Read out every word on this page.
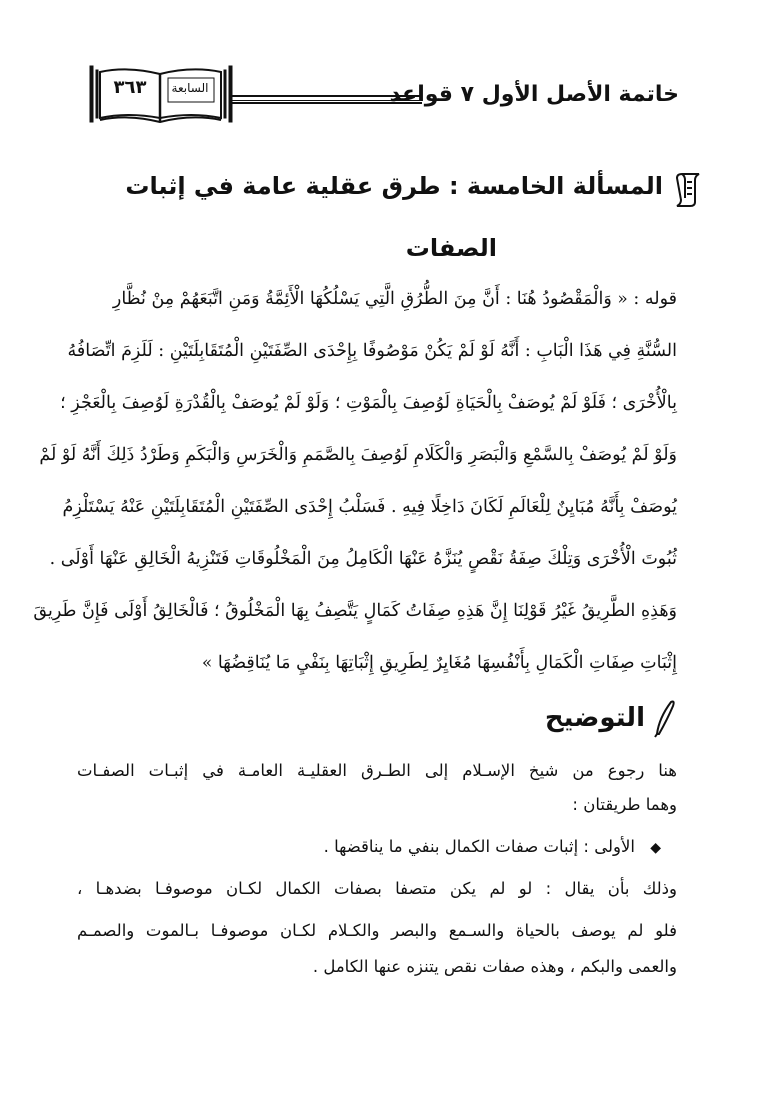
خاتمة الأصل الأول ٧ قواعد
السابعة
٣٦٣
المسألة الخامسة : طرق عقلية عامة في إثبات
الصفات
قوله : « وَالْمَقْصُودُ هُنَا : أَنَّ مِنَ الطُّرُقِ الَّتِي يَسْلُكُهَا الْأَئِمَّةُ وَمَنِ اتَّبَعَهُمْ مِنْ نُظَّارِ
السُّنَّةِ فِي هَذَا الْبَابِ : أَنَّهُ لَوْ لَمْ يَكُنْ مَوْصُوفًا بِإِحْدَى الصِّفَتَيْنِ الْمُتَقَابِلَتَيْنِ : لَلَزِمَ اتِّصَافُهُ
بِالْأُخْرَى ؛ فَلَوْ لَمْ يُوصَفْ بِالْحَيَاةِ لَوُصِفَ بِالْمَوْتِ ؛ وَلَوْ لَمْ يُوصَفْ بِالْقُدْرَةِ لَوُصِفَ بِالْعَجْزِ ؛
وَلَوْ لَمْ يُوصَفْ بِالسَّمْعِ وَالْبَصَرِ وَالْكَلَامِ لَوُصِفَ بِالصَّمَمِ وَالْخَرَسِ وَالْبَكَمِ وَطَرْدُ ذَلِكَ أَنَّهُ لَوْ لَمْ
يُوصَفْ بِأَنَّهُ مُبَايِنٌ لِلْعَالَمِ لَكَانَ دَاخِلًا فِيهِ . فَسَلْبُ إِحْدَى الصِّفَتَيْنِ الْمُتَقَابِلَتَيْنِ عَنْهُ يَسْتَلْزِمُ
ثُبُوتَ الْأُخْرَى وَتِلْكَ صِفَةُ نَقْصٍ يُنَزَّهُ عَنْهَا الْكَامِلُ مِنَ الْمَخْلُوقَاتِ فَتَنْزِيهُ الْخَالِقِ عَنْهَا أَوْلَى .
وَهَذِهِ الطَّرِيقُ غَيْرُ قَوْلِنَا إِنَّ هَذِهِ صِفَاتُ كَمَالٍ يَتَّصِفُ بِهَا الْمَخْلُوقُ ؛ فَالْخَالِقُ أَوْلَى فَإِنَّ طَرِيقَ
إِثْبَاتِ صِفَاتِ الْكَمَالِ بِأَنْفُسِهَا مُغَايِرٌ لِطَرِيقِ إِثْبَاتِهَا بِنَفْيِ مَا يُنَاقِضُهَا »
التوضيح
هنا رجوع من شيخ الإسـلام إلى الطـرق العقليـة العامـة في إثبـات الصفـات
وهما طريقتان :
◆ الأولى : إثبات صفات الكمال بنفي ما يناقضها .
وذلك بأن يقال : لو لم يكن متصفا بصفات الكمال لكـان موصوفـا بضدهـا ،
فلو لم يوصف بالحياة والسـمع والبصر والكـلام لكـان موصوفـا بـالموت والصمـم
والعمى والبكم ، وهذه صفات نقص يتنزه عنها الكامل .
